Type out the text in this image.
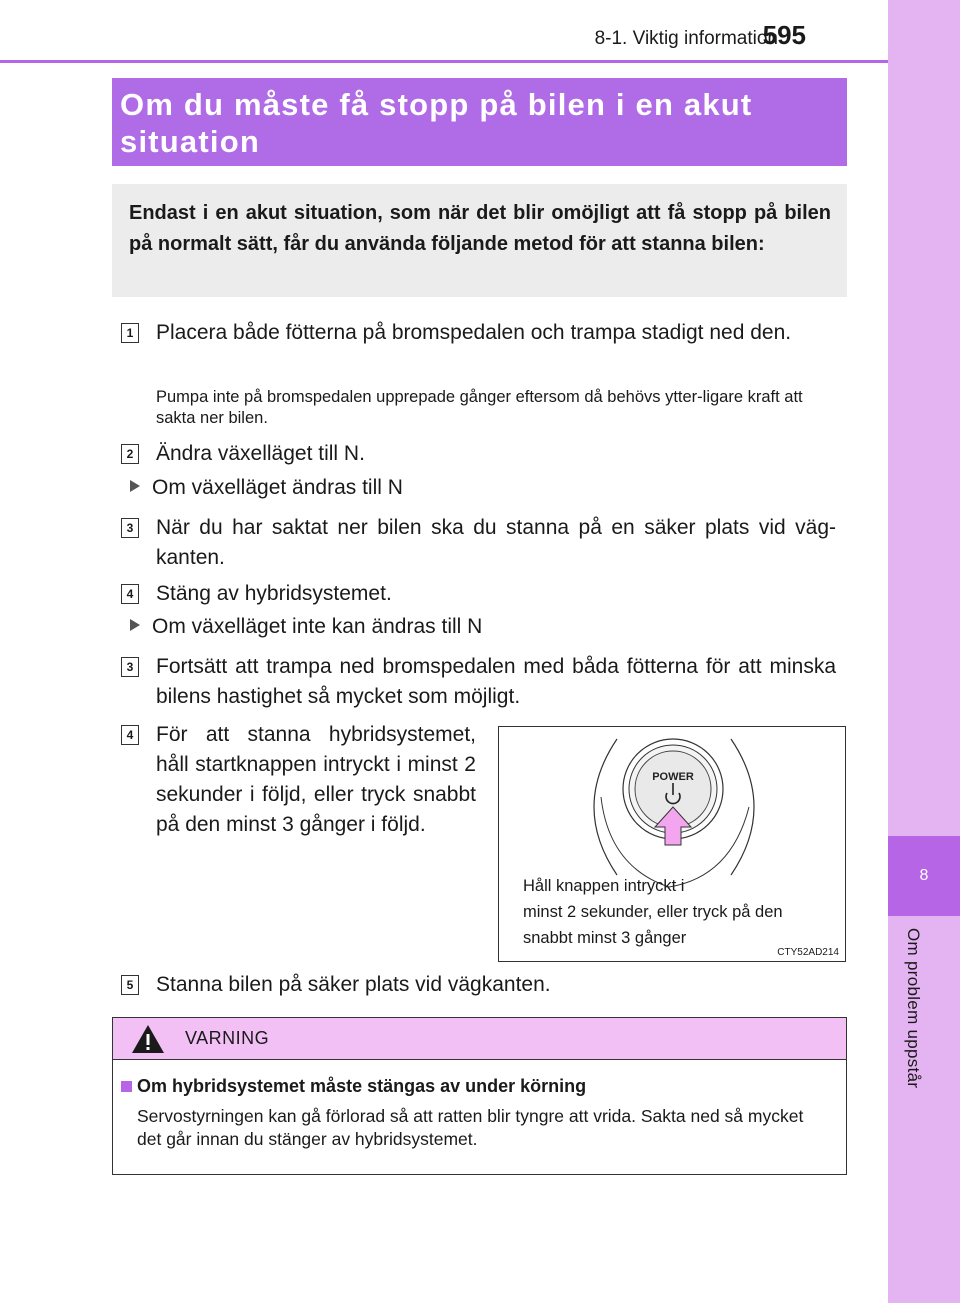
8
Om problem uppstår
8-1. Viktig information
595
Om du måste få stopp på bilen i en akut
situation
Endast i en akut situation, som när det blir omöjligt att få stopp på bilen på normalt sätt, får du använda följande metod för att stanna bilen:
1 Placera både fötterna på bromspedalen och trampa stadigt ned den.
Pumpa inte på bromspedalen upprepade gånger eftersom då behövs ytter-ligare kraft att sakta ner bilen.
2 Ändra växelläget till N.
Om växelläget ändras till N
3 När du har saktat ner bilen ska du stanna på en säker plats vid väg-kanten.
4 Stäng av hybridsystemet.
Om växelläget inte kan ändras till N
3 Fortsätt att trampa ned bromspedalen med båda fötterna för att minska bilens hastighet så mycket som möjligt.
4 För att stanna hybridsystemet, håll startknappen intryckt i minst 2 sekunder i följd, eller tryck snabbt på den minst 3 gånger i följd.
POWER
Håll knappen intryckt i
minst 2 sekunder, eller tryck på den
snabbt minst 3 gånger
CTY52AD214
5 Stanna bilen på säker plats vid vägkanten.
VARNING
Om hybridsystemet måste stängas av under körning
Servostyrningen kan gå förlorad så att ratten blir tyngre att vrida. Sakta ned så mycket det går innan du stänger av hybridsystemet.
